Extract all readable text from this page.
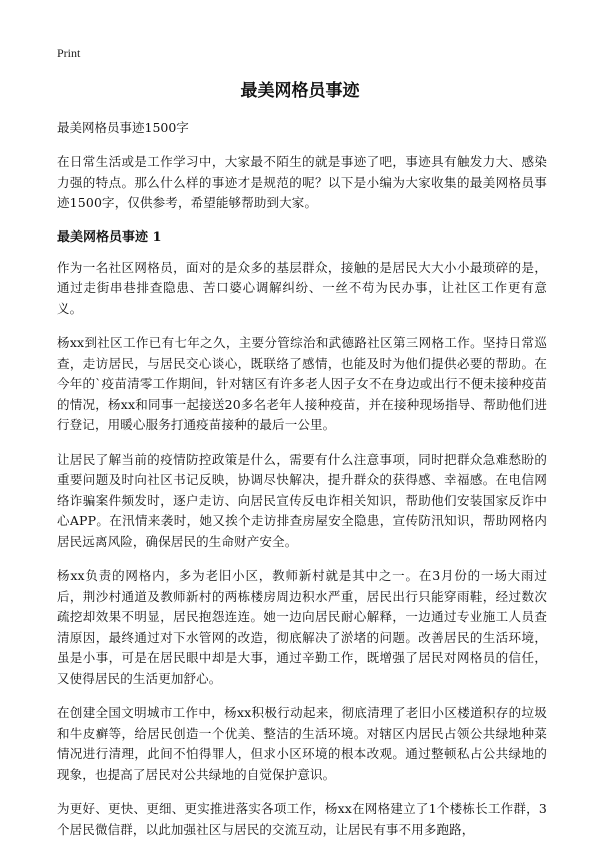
Print
最美网格员事迹
最美网格员事迹1500字

在日常生活或是工作学习中，大家最不陌生的就是事迹了吧，事迹具有触发力大、感染力强的特点。那么什么样的事迹才是规范的呢？以下是小编为大家收集的最美网格员事迹1500字，仅供参考，希望能够帮助到大家。

最美网格员事迹 1

作为一名社区网格员，面对的是众多的基层群众，接触的是居民大大小小最琐碎的是，通过走街串巷排查隐患、苦口婆心调解纠纷、一丝不苟为民办事，让社区工作更有意义。

杨xx到社区工作已有七年之久，主要分管综治和武德路社区第三网格工作。坚持日常巡查，走访居民，与居民交心谈心，既联络了感情，也能及时为他们提供必要的帮助。在今年的`疫苗清零工作期间，针对辖区有许多老人因子女不在身边或出行不便未接种疫苗的情况，杨xx和同事一起接送20多名老年人接种疫苗，并在接种现场指导、帮助他们进行登记，用暖心服务打通疫苗接种的最后一公里。

让居民了解当前的疫情防控政策是什么，需要有什么注意事项，同时把群众急难愁盼的重要问题及时向社区书记反映，协调尽快解决，提升群众的获得感、幸福感。在电信网络诈骗案件频发时，逐户走访、向居民宣传反电诈相关知识，帮助他们安装国家反诈中心APP。在汛情来袭时，她又挨个走访排查房屋安全隐患，宣传防汛知识，帮助网格内居民远离风险，确保居民的生命财产安全。

杨xx负责的网格内，多为老旧小区，教师新村就是其中之一。在3月份的一场大雨过后，荆沙村通道及教师新村的两栋楼房周边积水严重，居民出行只能穿雨鞋，经过数次疏挖却效果不明显，居民抱怨连连。她一边向居民耐心解释，一边通过专业施工人员查清原因，最终通过对下水管网的改造，彻底解决了淤堵的问题。改善居民的生活环境，虽是小事，可是在居民眼中却是大事，通过辛勤工作，既增强了居民对网格员的信任，又使得居民的生活更加舒心。

在创建全国文明城市工作中，杨xx积极行动起来，彻底清理了老旧小区楼道积存的垃圾和牛皮癣等，给居民创造一个优美、整洁的生活环境。对辖区内居民占领公共绿地种菜情况进行清理，此间不怕得罪人，但求小区环境的根本改观。通过整顿私占公共绿地的现象，也提高了居民对公共绿地的自觉保护意识。

为更好、更快、更细、更实推进落实各项工作，杨xx在网格建立了1个楼栋长工作群，3个居民微信群，以此加强社区与居民的交流互动，让居民有事不用多跑路，
